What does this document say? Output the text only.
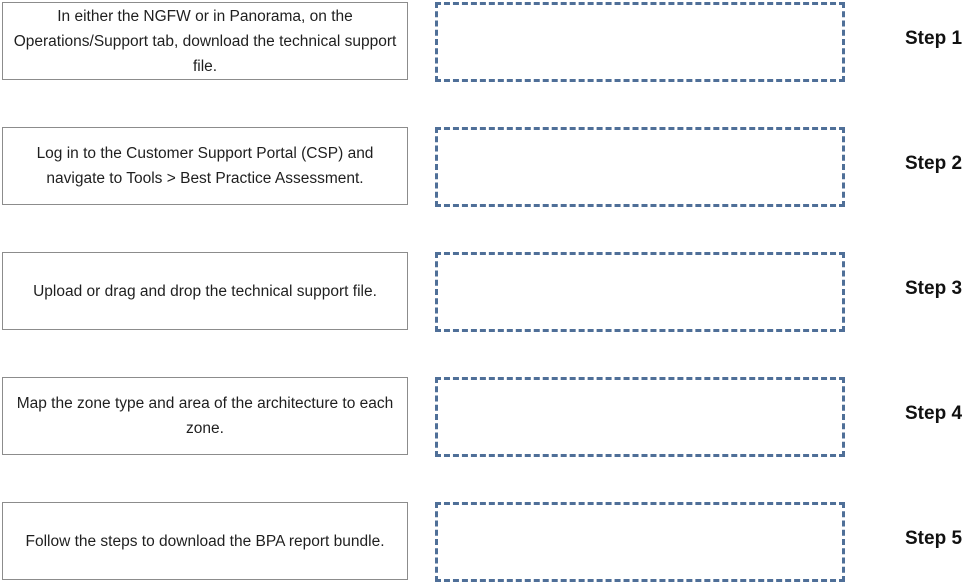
In either the NGFW or in Panorama, on the Operations/Support tab, download the technical support file.
Step 1
Log in to the Customer Support Portal (CSP) and navigate to Tools > Best Practice Assessment.
Step 2
Upload or drag and drop the technical support file.	Step 3
Map the zone type and area of the architecture to each zone.
Step 4
Follow the steps to download the BPA report bundle.	Step 5
